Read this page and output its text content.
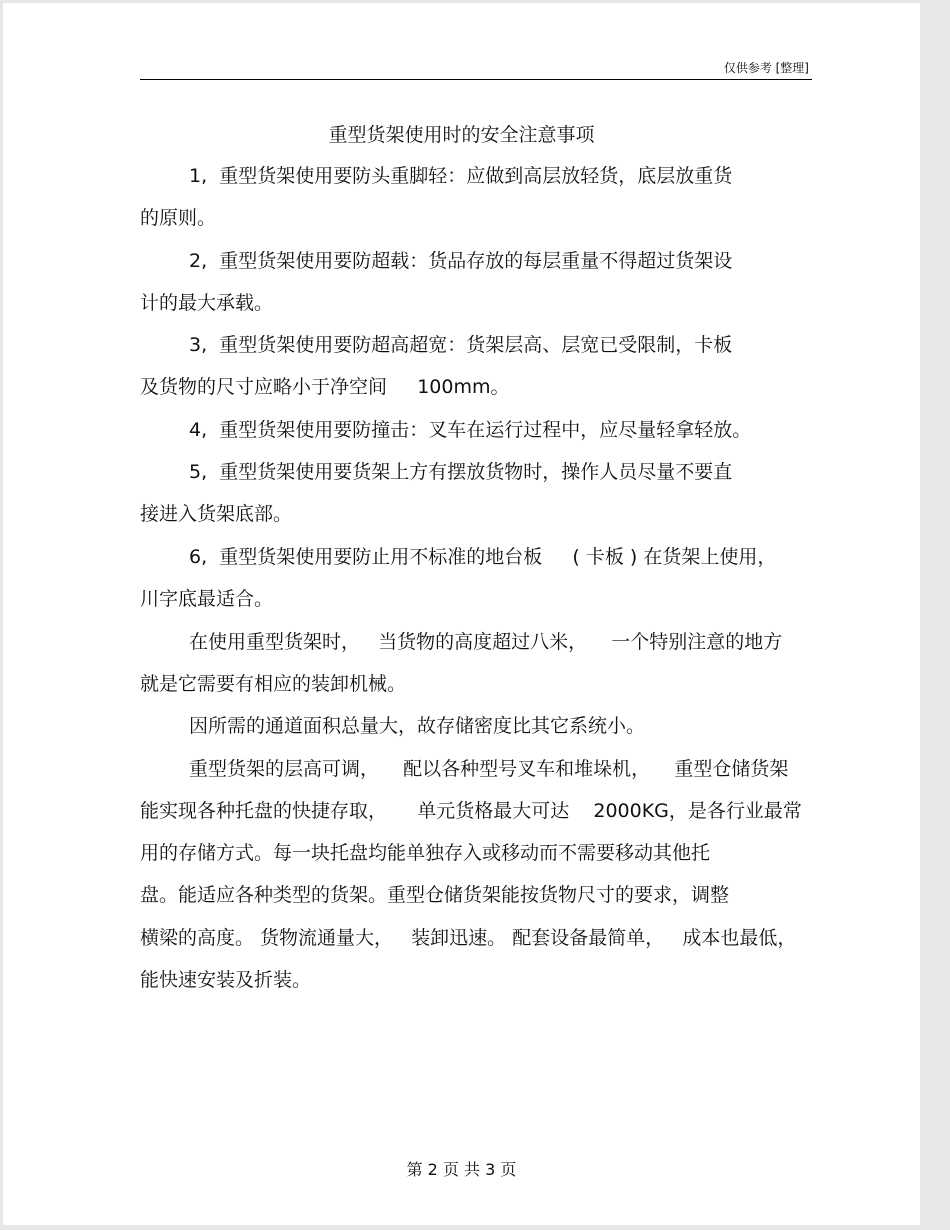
仅供参考 [整理]
重型货架使用时的安全注意事项
1,  重型货架使用要防头重脚轻：应做到高层放轻货，底层放重货
的原则。
2,  重型货架使用要防超载：货品存放的每层重量不得超过货架设
计的最大承载。
3,  重型货架使用要防超高超宽：货架层高、层宽已受限制，卡板
及货物的尺寸应略小于净空间     100mm。
4,  重型货架使用要防撞击：叉车在运行过程中，应尽量轻拿轻放。
5,  重型货架使用要货架上方有摆放货物时，操作人员尽量不要直
接进入货架底部。
6,  重型货架使用要防止用不标准的地台板     ( 卡板 ) 在货架上使用，
川字底最适合。
在使用重型货架时，   当货物的高度超过八米，    一个特别注意的地方
就是它需要有相应的装卸机械。
因所需的通道面积总量大，故存储密度比其它系统小。
重型货架的层高可调，    配以各种型号叉车和堆垛机，    重型仓储货架
能实现各种托盘的快捷存取，     单元货格最大可达    2000KG，是各行业最常
用的存储方式。每一块托盘均能单独存入或移动而不需要移动其他托
盘。能适应各种类型的货架。重型仓储货架能按货物尺寸的要求，调整
横梁的高度。 货物流通量大，   装卸迅速。 配套设备最简单，   成本也最低，
能快速安装及折装。
第 2 页 共 3 页
